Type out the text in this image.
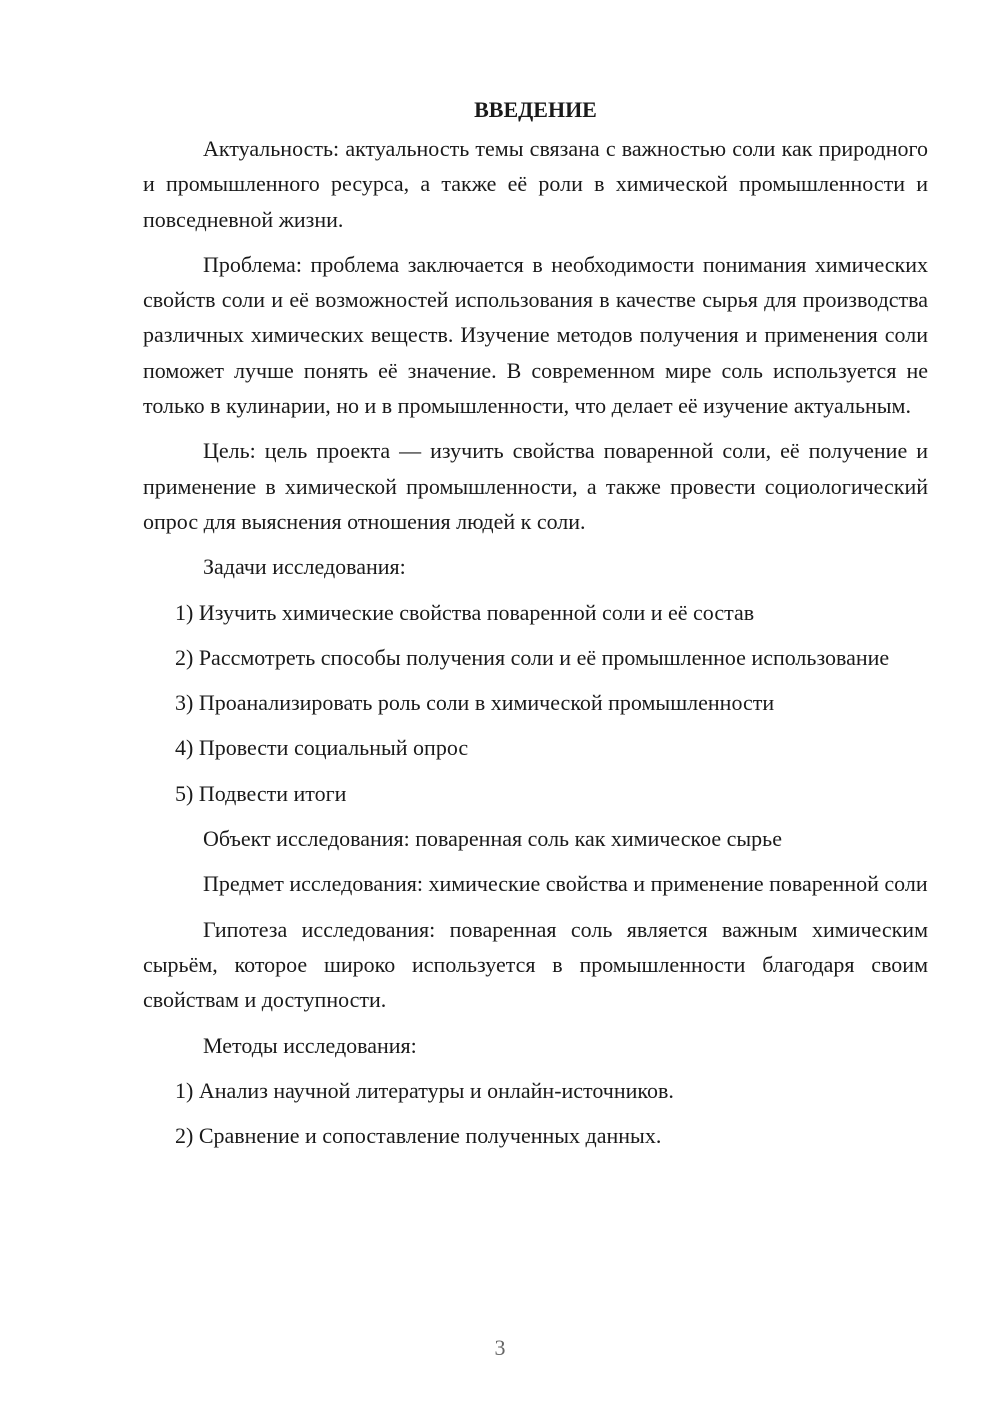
ВВЕДЕНИЕ

Актуальность: актуальность темы связана с важностью соли как природного и промышленного ресурса, а также её роли в химической промышленности и повседневной жизни.

Проблема: проблема заключается в необходимости понимания химических свойств соли и её возможностей использования в качестве сырья для производства различных химических веществ. Изучение методов получения и применения соли поможет лучше понять её значение. В современном мире соль используется не только в кулинарии, но и в промышленности, что делает её изучение актуальным.

Цель: цель проекта — изучить свойства поваренной соли, её получение и применение в химической промышленности, а также провести социологический опрос для выяснения отношения людей к соли.

Задачи исследования:

1) Изучить химические свойства поваренной соли и её состав

2) Рассмотреть способы получения соли и её промышленное использование

3) Проанализировать роль соли в химической промышленности

4) Провести социальный опрос

5) Подвести итоги

Объект исследования: поваренная соль как химическое сырье

Предмет исследования: химические свойства и применение поваренной соли

Гипотеза исследования: поваренная соль является важным химическим сырьём, которое широко используется в промышленности благодаря своим свойствам и доступности.

Методы исследования:

1) Анализ научной литературы и онлайн-источников.

2) Сравнение и сопоставление полученных данных.

3
